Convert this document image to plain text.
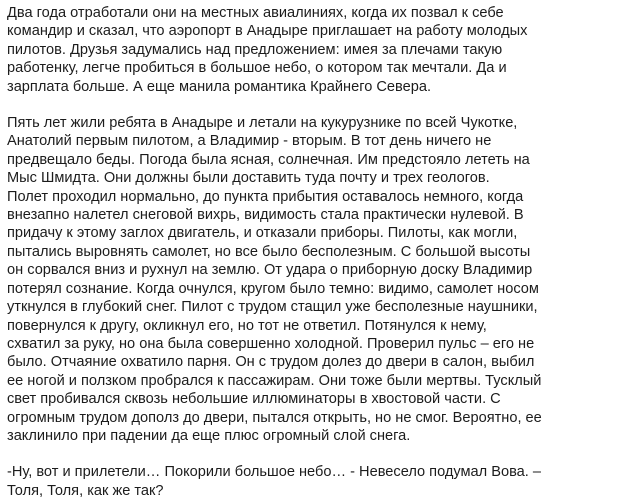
Два года отработали они на местных авиалиниях, когда их позвал к себе
командир и сказал, что аэропорт в Анадыре приглашает на работу молодых
пилотов. Друзья задумались над предложением: имея за плечами такую
работенку, легче пробиться в большое небо, о котором так мечтали. Да и
зарплата больше. А еще манила романтика Крайнего Севера.

Пять лет жили ребята в Анадыре и летали на кукурузнике по всей Чукотке,
Анатолий первым пилотом, а Владимир - вторым. В тот день ничего не
предвещало беды. Погода была ясная, солнечная. Им предстояло лететь на
Мыс Шмидта. Они должны были доставить туда почту и трех геологов.
Полет проходил нормально, до пункта прибытия оставалось немного, когда
внезапно налетел снеговой вихрь, видимость стала практически нулевой. В
придачу к этому заглох двигатель, и отказали приборы. Пилоты, как могли,
пытались выровнять самолет, но все было бесполезным. С большой высоты
он сорвался вниз и рухнул на землю. От удара о приборную доску Владимир
потерял сознание. Когда очнулся, кругом было темно: видимо, самолет носом
уткнулся в глубокий снег. Пилот с трудом стащил уже бесполезные наушники,
повернулся к другу, окликнул его, но тот не ответил. Потянулся к нему,
схватил за руку, но она была совершенно холодной. Проверил пульс – его не
было. Отчаяние охватило парня. Он с трудом долез до двери в салон, выбил
ее ногой и ползком пробрался к пассажирам. Они тоже были мертвы. Тусклый
свет пробивался сквозь небольшие иллюминаторы в хвостовой части. С
огромным трудом дополз до двери, пытался открыть, но не смог. Вероятно, ее
заклинило при падении да еще плюс огромный слой снега.

-Ну, вот и прилетели… Покорили большое небо… - Невесело подумал Вова. –
Толя, Толя, как же так?
